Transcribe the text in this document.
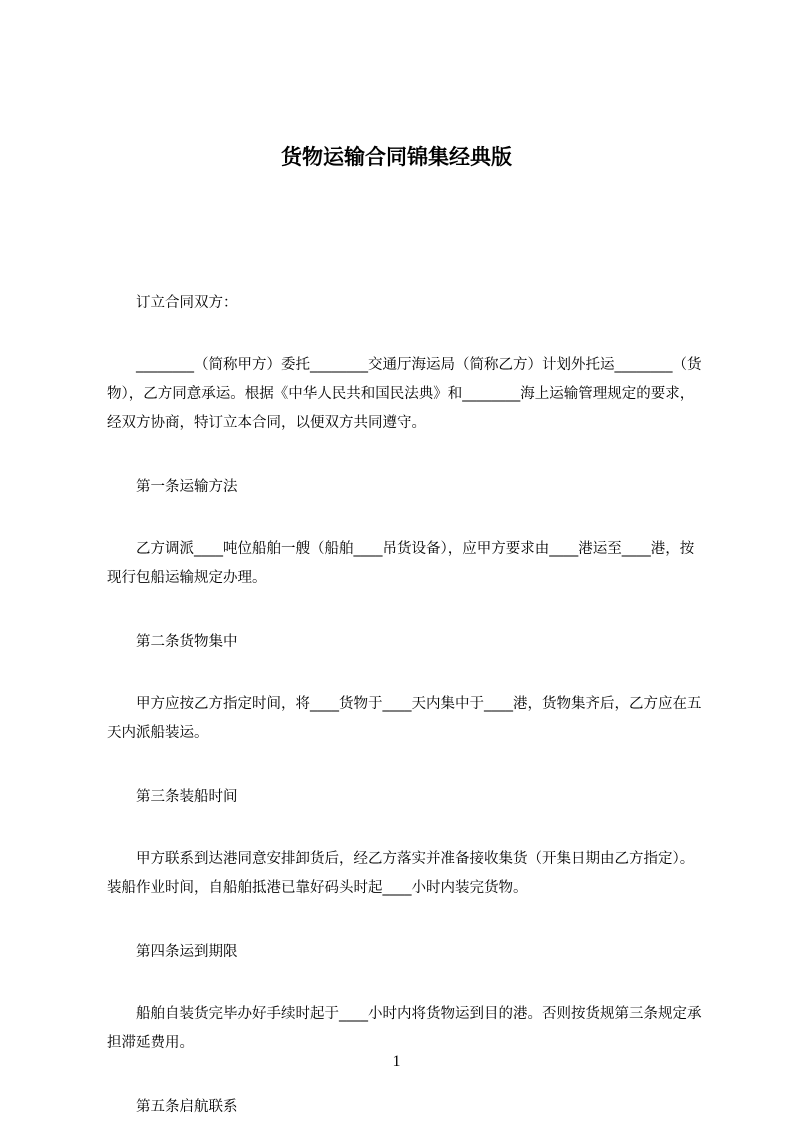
货物运输合同锦集经典版

订立合同双方：

________（简称甲方）委托________交通厅海运局（简称乙方）计划外托运________（货物），乙方同意承运。根据《中华人民共和国民法典》和________海上运输管理规定的要求，经双方协商，特订立本合同，以便双方共同遵守。

第一条运输方法

乙方调派____吨位船舶一艘（船舶____吊货设备），应甲方要求由____港运至____港，按现行包船运输规定办理。

第二条货物集中

甲方应按乙方指定时间，将____货物于____天内集中于____港，货物集齐后，乙方应在五天内派船装运。

第三条装船时间

甲方联系到达港同意安排卸货后，经乙方落实并准备接收集货（开集日期由乙方指定）。装船作业时间，自船舶抵港已靠好码头时起____小时内装完货物。

第四条运到期限

船舶自装货完毕办好手续时起于____小时内将货物运到目的港。否则按货规第三条规定承担滞延费用。

第五条启航联系

1
